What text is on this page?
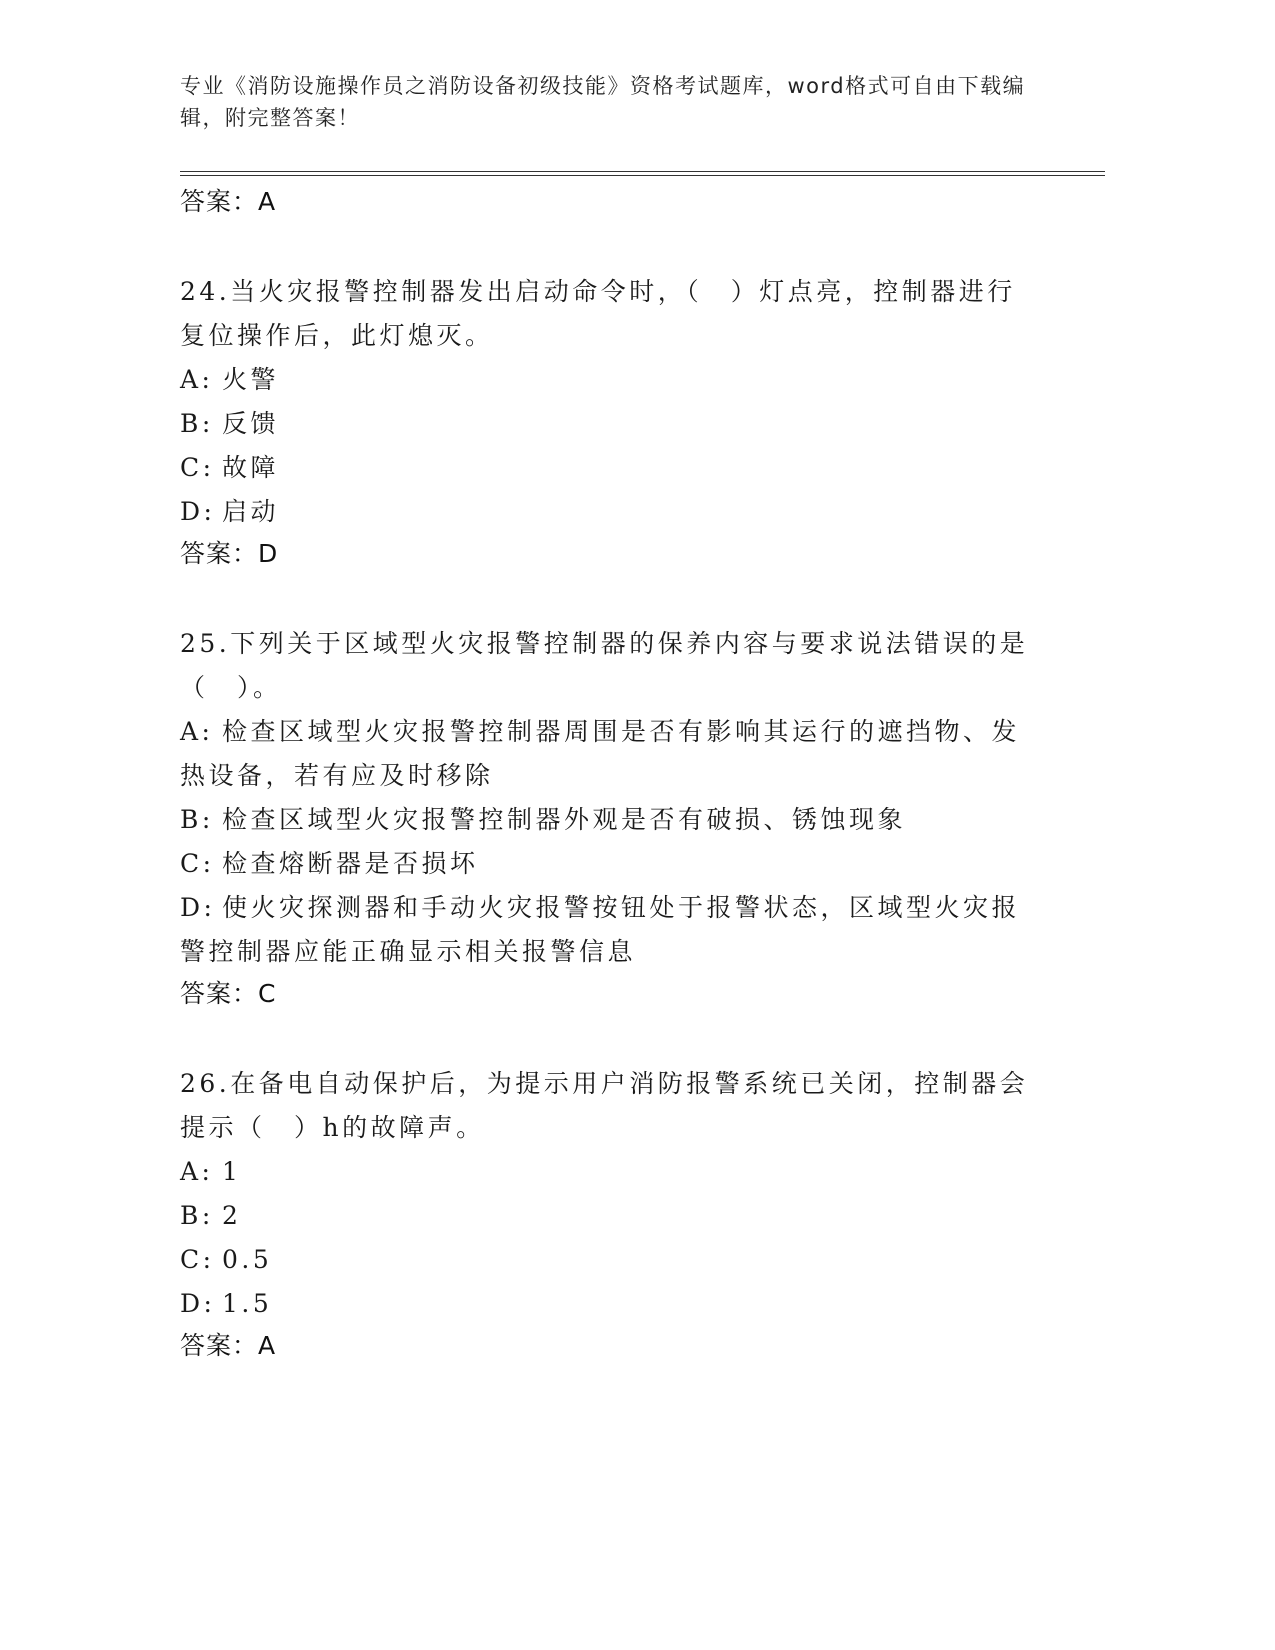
专业《消防设施操作员之消防设备初级技能》资格考试题库，word格式可自由下载编辑，附完整答案！
答案：A
24.当火灾报警控制器发出启动命令时，（　）灯点亮，控制器进行复位操作后，此灯熄灭。
A: 火警
B: 反馈
C: 故障
D: 启动
答案：D
25.下列关于区域型火灾报警控制器的保养内容与要求说法错误的是（　）。
A: 检查区域型火灾报警控制器周围是否有影响其运行的遮挡物、发热设备，若有应及时移除
B: 检查区域型火灾报警控制器外观是否有破损、锈蚀现象
C: 检查熔断器是否损坏
D: 使火灾探测器和手动火灾报警按钮处于报警状态，区域型火灾报警控制器应能正确显示相关报警信息
答案：C
26.在备电自动保护后，为提示用户消防报警系统已关闭，控制器会提示（　）h的故障声。
A: 1
B: 2
C: 0.5
D: 1.5
答案：A
